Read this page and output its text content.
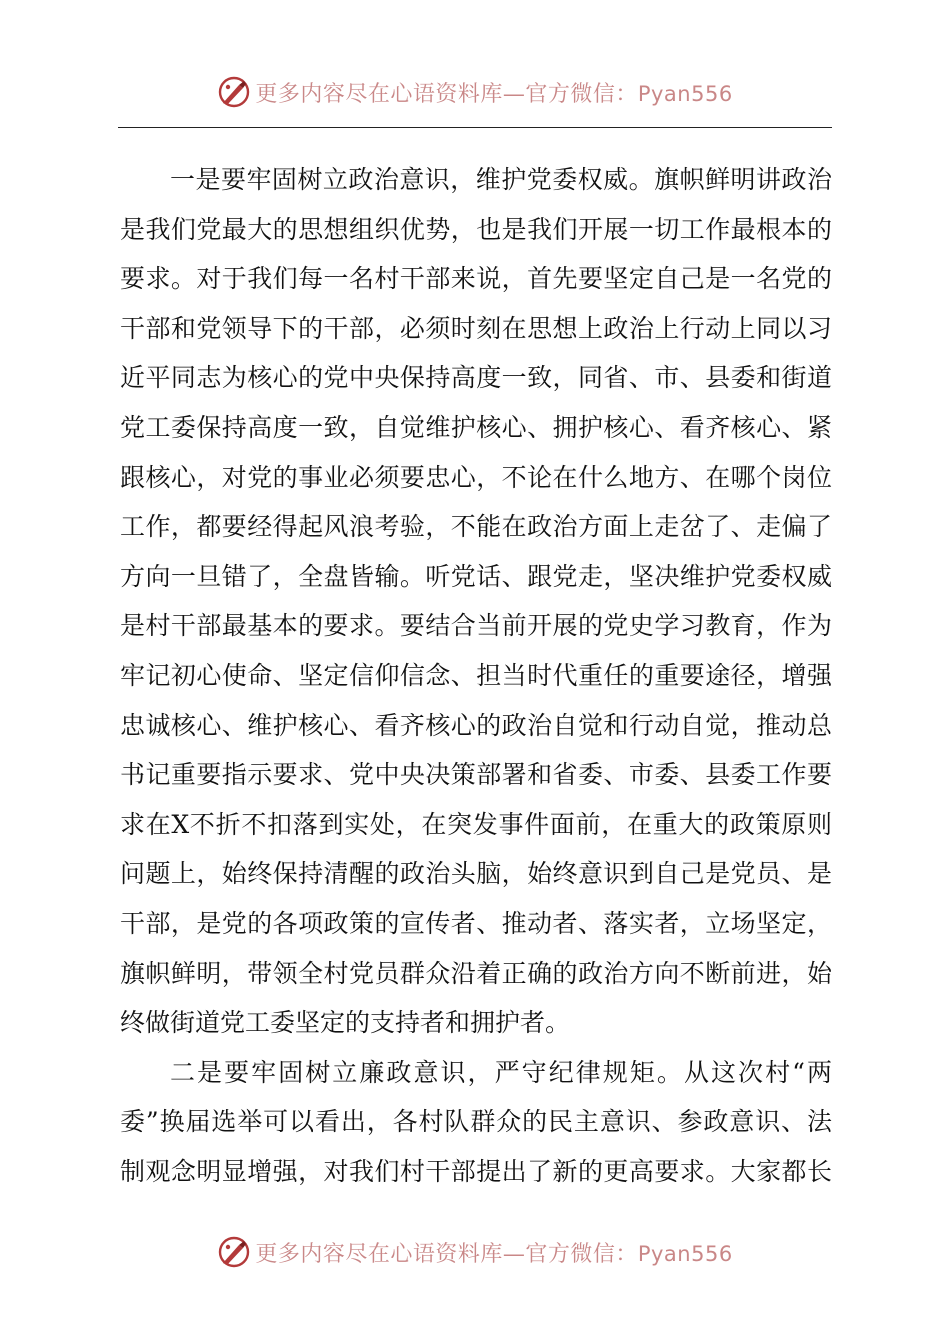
更多内容尽在心语资料库—官方微信：Pyan556
一是要牢固树立政治意识，维护党委权威。旗帜鲜明讲政治
是我们党最大的思想组织优势，也是我们开展一切工作最根本的
要求。对于我们每一名村干部来说，首先要坚定自己是一名党的
干部和党领导下的干部，必须时刻在思想上政治上行动上同以习
近平同志为核心的党中央保持高度一致，同省、市、县委和街道
党工委保持高度一致，自觉维护核心、拥护核心、看齐核心、紧
跟核心，对党的事业必须要忠心，不论在什么地方、在哪个岗位
工作，都要经得起风浪考验，不能在政治方面上走岔了、走偏了
方向一旦错了，全盘皆输。听党话、跟党走，坚决维护党委权威
是村干部最基本的要求。要结合当前开展的党史学习教育，作为
牢记初心使命、坚定信仰信念、担当时代重任的重要途径，增强
忠诚核心、维护核心、看齐核心的政治自觉和行动自觉，推动总
书记重要指示要求、党中央决策部署和省委、市委、县委工作要
求在X不折不扣落到实处，在突发事件面前，在重大的政策原则
问题上，始终保持清醒的政治头脑，始终意识到自己是党员、是
干部，是党的各项政策的宣传者、推动者、落实者，立场坚定，
旗帜鲜明，带领全村党员群众沿着正确的政治方向不断前进，始
终做街道党工委坚定的支持者和拥护者。
二是要牢固树立廉政意识，严守纪律规矩。从这次村“两
委”换届选举可以看出，各村队群众的民主意识、参政意识、法
制观念明显增强，对我们村干部提出了新的更高要求。大家都长
更多内容尽在心语资料库—官方微信：Pyan556
